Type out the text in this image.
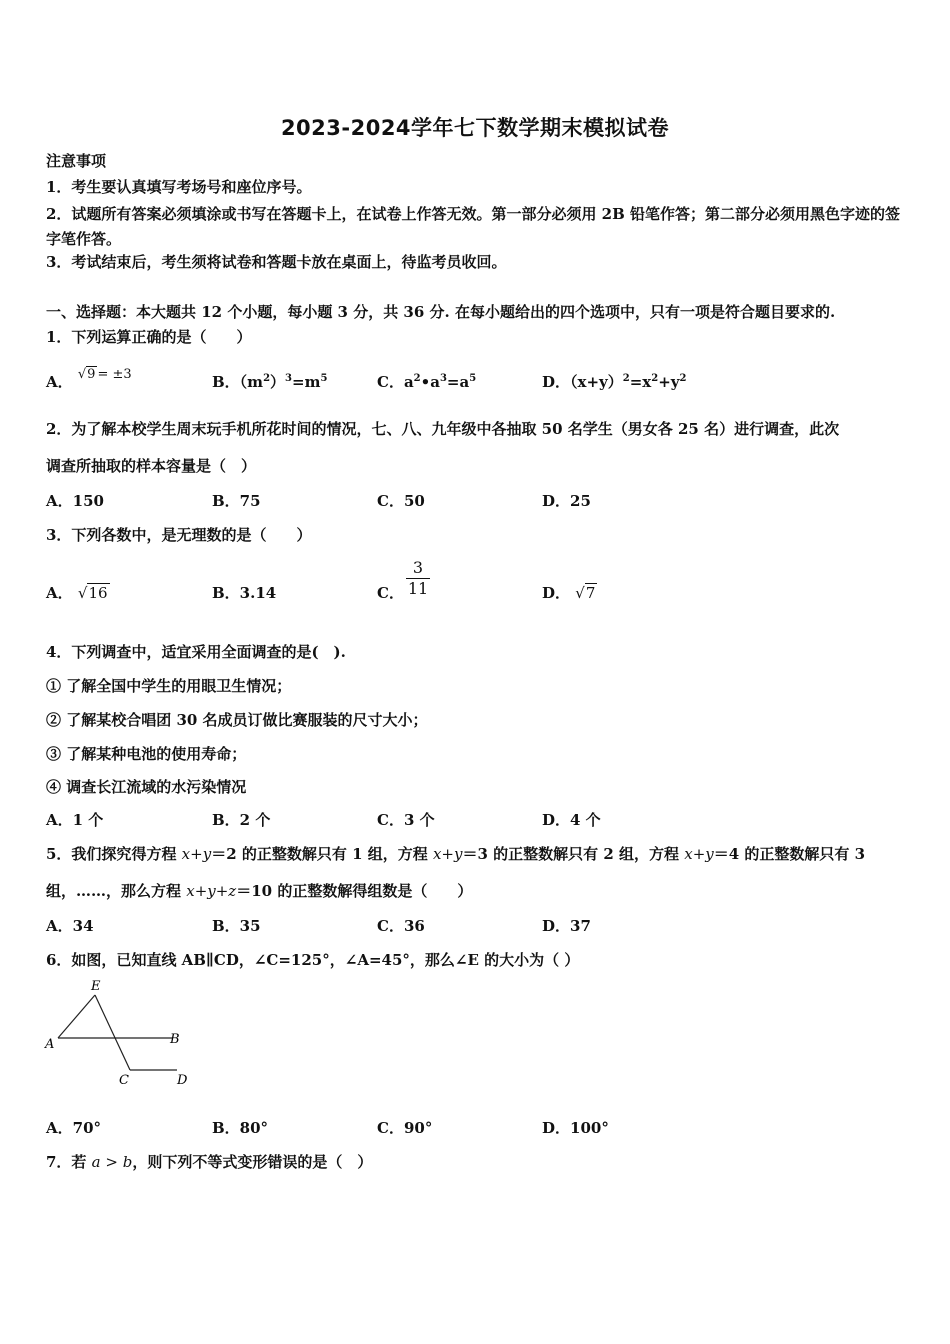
2023-2024学年七下数学期末模拟试卷
注意事项
1．考生要认真填写考场号和座位序号。
2．试题所有答案必须填涂或书写在答题卡上，在试卷上作答无效。第一部分必须用 2B 铅笔作答；第二部分必须用黑色字迹的签字笔作答。
3．考试结束后，考生须将试卷和答题卡放在桌面上，待监考员收回。
一、选择题：本大题共 12 个小题，每小题 3 分，共 36 分. 在每小题给出的四个选项中，只有一项是符合题目要求的.
1．下列运算正确的是（　　）
A． √9 = ±3	B．$(m^2)^3=m^5$	C．$a^2•a^3=a^5$	D．$(x+y)^2=x^2+y^2$
2．为了解本校学生周末玩手机所花时间的情况，七、八、九年级中各抽取 50 名学生（男女各 25 名）进行调查，此次
调查所抽取的样本容量是（　）
A．150	B．75	C．50	D．25
3．下列各数中，是无理数的是（　　）
A． √16	B．3.14	C． $\frac{3}{11}$	D． √7
4．下列调查中，适宜采用全面调查的是(　).
① 了解全国中学生的用眼卫生情况；
② 了解某校合唱团 30 名成员订做比赛服装的尺寸大小；
③ 了解某种电池的使用寿命；
④ 调查长江流域的水污染情况
A．1 个	B．2 个	C．3 个	D．4 个
5．我们探究得方程 x+y＝2 的正整数解只有 1 组，方程 x+y＝3 的正整数解只有 2 组，方程 x+y＝4 的正整数解只有 3
组，……，那么方程 x+y+z＝10 的正整数解得组数是（　　）
A．34	B．35	C．36	D．37
6．如图，已知直线 AB∥CD，∠C=125°，∠A=45°，那么∠E 的大小为（ ）
E
A	B
C	D
A．70°	B．80°	C．90°	D．100°
7．若 a > b，则下列不等式变形错误的是（　）
